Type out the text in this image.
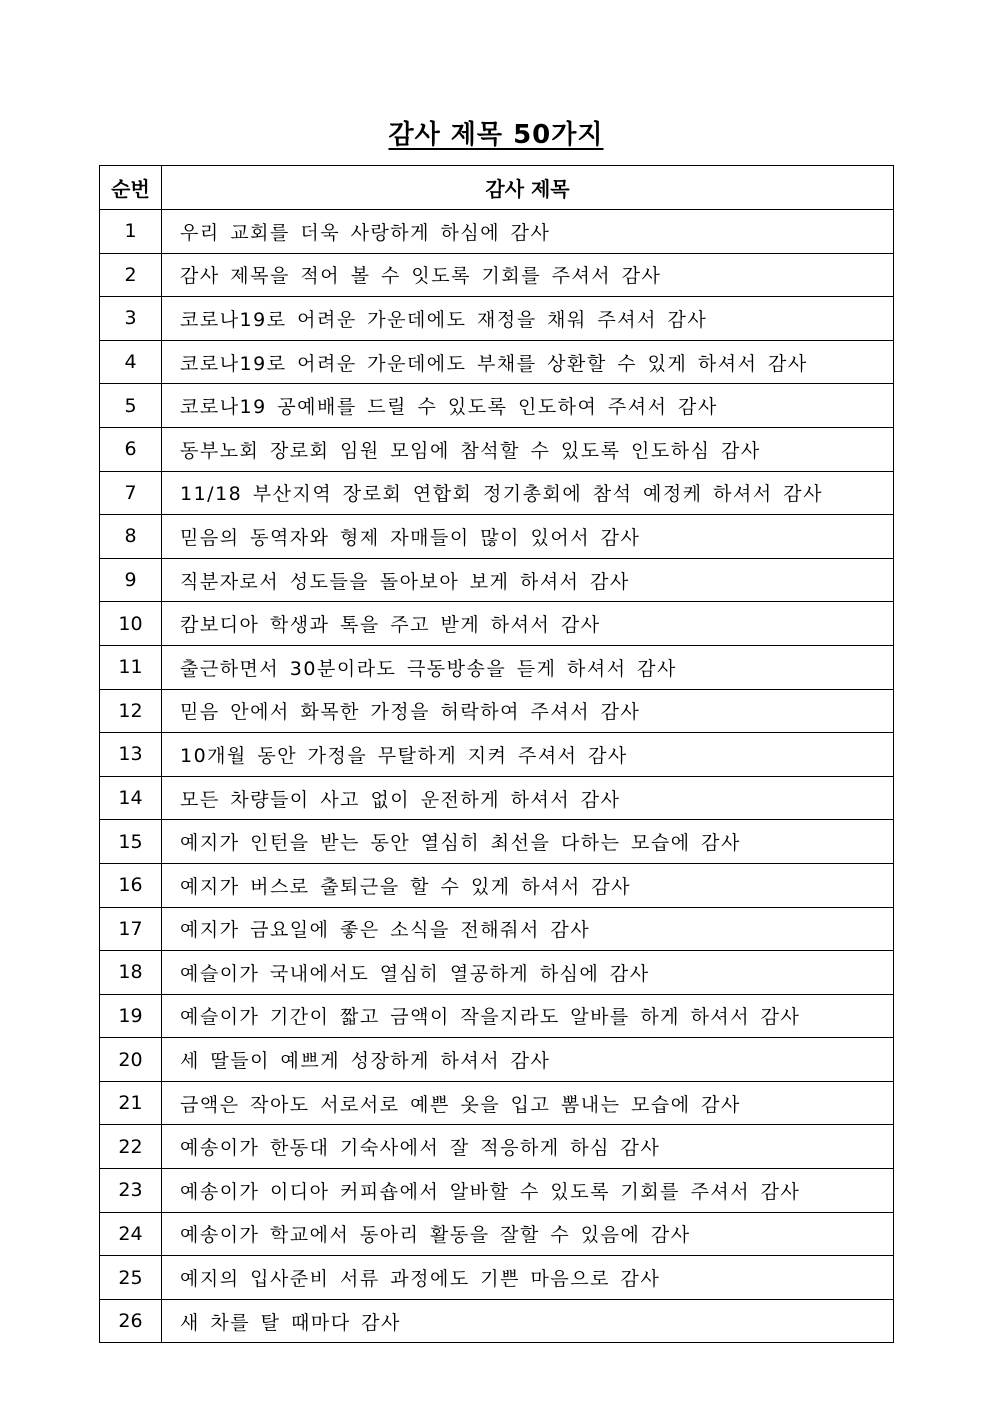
감사 제목 50가지
순번	감사 제목
1	우리 교회를 더욱 사랑하게 하심에 감사
2	감사 제목을 적어 볼 수 잇도록 기회를 주셔서 감사
3	코로나19로 어려운 가운데에도 재정을 채워 주셔서 감사
4	코로나19로 어려운 가운데에도 부채를 상환할 수 있게 하셔서 감사
5	코로나19 공예배를 드릴 수 있도록 인도하여 주셔서 감사
6	동부노회 장로회 임원 모임에 참석할 수 있도록 인도하심 감사
7	11/18 부산지역 장로회 연합회 정기총회에 참석 예정케 하셔서 감사
8	믿음의 동역자와 형제 자매들이 많이 있어서 감사
9	직분자로서 성도들을 돌아보아 보게 하셔서 감사
10	캄보디아 학생과 톡을 주고 받게 하셔서 감사
11	출근하면서 30분이라도 극동방송을 듣게 하셔서 감사
12	믿음 안에서 화목한 가정을 허락하여 주셔서 감사
13	10개월 동안 가정을 무탈하게 지켜 주셔서 감사
14	모든 차량들이 사고 없이 운전하게 하셔서 감사
15	예지가 인턴을 받는 동안 열심히 최선을 다하는 모습에 감사
16	예지가 버스로 출퇴근을 할 수 있게 하셔서 감사
17	예지가 금요일에 좋은 소식을 전해줘서 감사
18	예슬이가 국내에서도 열심히 열공하게 하심에 감사
19	예슬이가 기간이 짧고 금액이 작을지라도 알바를 하게 하셔서 감사
20	세 딸들이 예쁘게 성장하게 하셔서 감사
21	금액은 작아도 서로서로 예쁜 옷을 입고 뽐내는 모습에 감사
22	예송이가 한동대 기숙사에서 잘 적응하게 하심 감사
23	예송이가 이디아 커피숍에서 알바할 수 있도록 기회를 주셔서 감사
24	예송이가 학교에서 동아리 활동을 잘할 수 있음에 감사
25	예지의 입사준비 서류 과정에도 기쁜 마음으로 감사
26	새 차를 탈 때마다 감사
